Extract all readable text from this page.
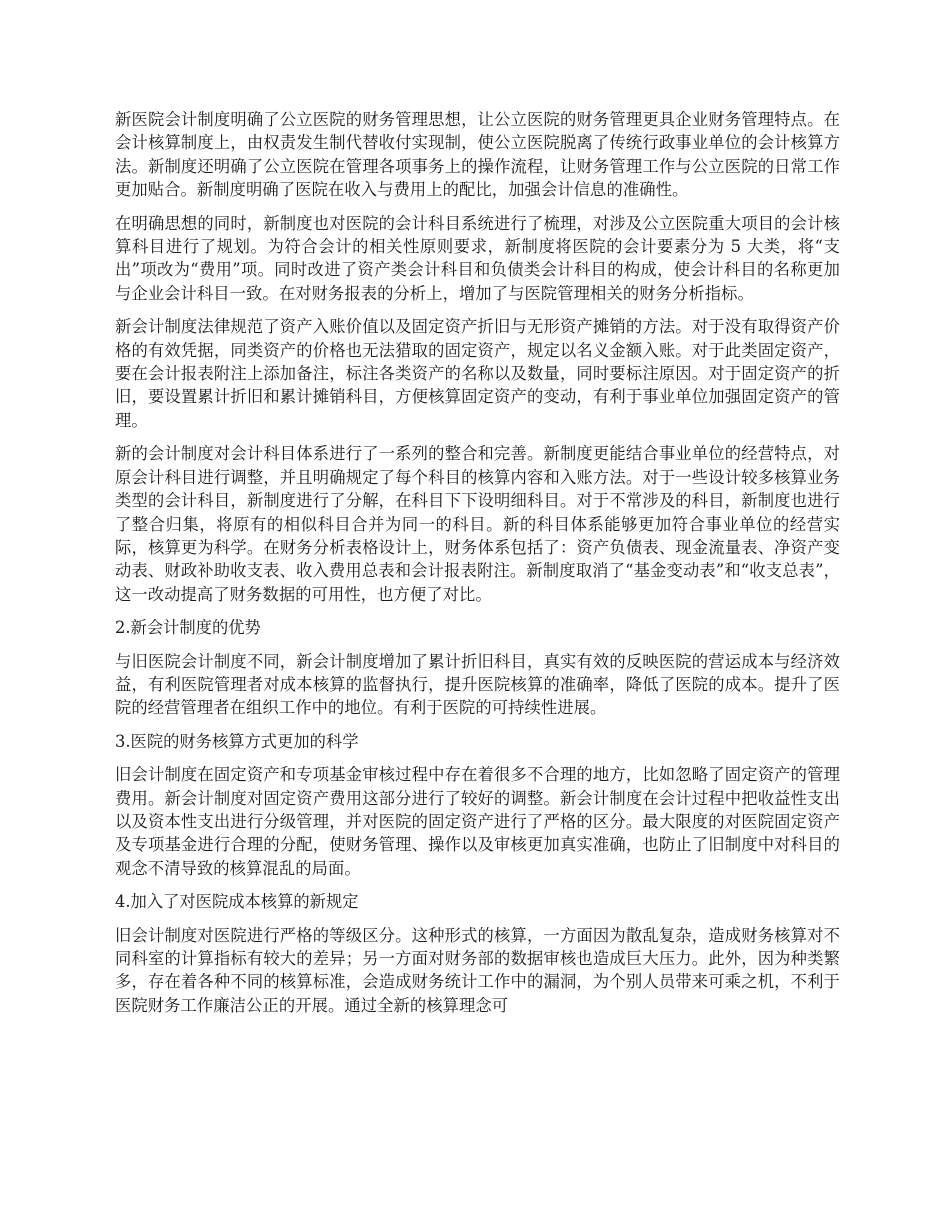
新医院会计制度明确了公立医院的财务管理思想，让公立医院的财务管理更具企业财务管理特点。在会计核算制度上，由权责发生制代替收付实现制，使公立医院脱离了传统行政事业单位的会计核算方法。新制度还明确了公立医院在管理各项事务上的操作流程，让财务管理工作与公立医院的日常工作更加贴合。新制度明确了医院在收入与费用上的配比，加强会计信息的准确性。

在明确思想的同时，新制度也对医院的会计科目系统进行了梳理，对涉及公立医院重大项目的会计核算科目进行了规划。为符合会计的相关性原则要求，新制度将医院的会计要素分为 5 大类，将“支出”项改为“费用”项。同时改进了资产类会计科目和负债类会计科目的构成，使会计科目的名称更加与企业会计科目一致。在对财务报表的分析上，增加了与医院管理相关的财务分析指标。

新会计制度法律规范了资产入账价值以及固定资产折旧与无形资产摊销的方法。对于没有取得资产价格的有效凭据，同类资产的价格也无法猎取的固定资产，规定以名义金额入账。对于此类固定资产，要在会计报表附注上添加备注，标注各类资产的名称以及数量，同时要标注原因。对于固定资产的折旧，要设置累计折旧和累计摊销科目，方便核算固定资产的变动，有利于事业单位加强固定资产的管理。

新的会计制度对会计科目体系进行了一系列的整合和完善。新制度更能结合事业单位的经营特点，对原会计科目进行调整，并且明确规定了每个科目的核算内容和入账方法。对于一些设计较多核算业务类型的会计科目，新制度进行了分解，在科目下下设明细科目。对于不常涉及的科目，新制度也进行了整合归集，将原有的相似科目合并为同一的科目。新的科目体系能够更加符合事业单位的经营实际，核算更为科学。在财务分析表格设计上，财务体系包括了：资产负债表、现金流量表、净资产变动表、财政补助收支表、收入费用总表和会计报表附注。新制度取消了“基金变动表”和“收支总表”，这一改动提高了财务数据的可用性，也方便了对比。

2.新会计制度的优势

与旧医院会计制度不同，新会计制度增加了累计折旧科目，真实有效的反映医院的营运成本与经济效益，有利医院管理者对成本核算的监督执行，提升医院核算的准确率，降低了医院的成本。提升了医院的经营管理者在组织工作中的地位。有利于医院的可持续性进展。

3.医院的财务核算方式更加的科学

旧会计制度在固定资产和专项基金审核过程中存在着很多不合理的地方，比如忽略了固定资产的管理费用。新会计制度对固定资产费用这部分进行了较好的调整。新会计制度在会计过程中把收益性支出以及资本性支出进行分级管理，并对医院的固定资产进行了严格的区分。最大限度的对医院固定资产及专项基金进行合理的分配，使财务管理、操作以及审核更加真实准确，也防止了旧制度中对科目的观念不清导致的核算混乱的局面。

4.加入了对医院成本核算的新规定

旧会计制度对医院进行严格的等级区分。这种形式的核算，一方面因为散乱复杂，造成财务核算对不同科室的计算指标有较大的差异；另一方面对财务部的数据审核也造成巨大压力。此外，因为种类繁多，存在着各种不同的核算标准，会造成财务统计工作中的漏洞，为个别人员带来可乘之机，不利于医院财务工作廉洁公正的开展。通过全新的核算理念可
